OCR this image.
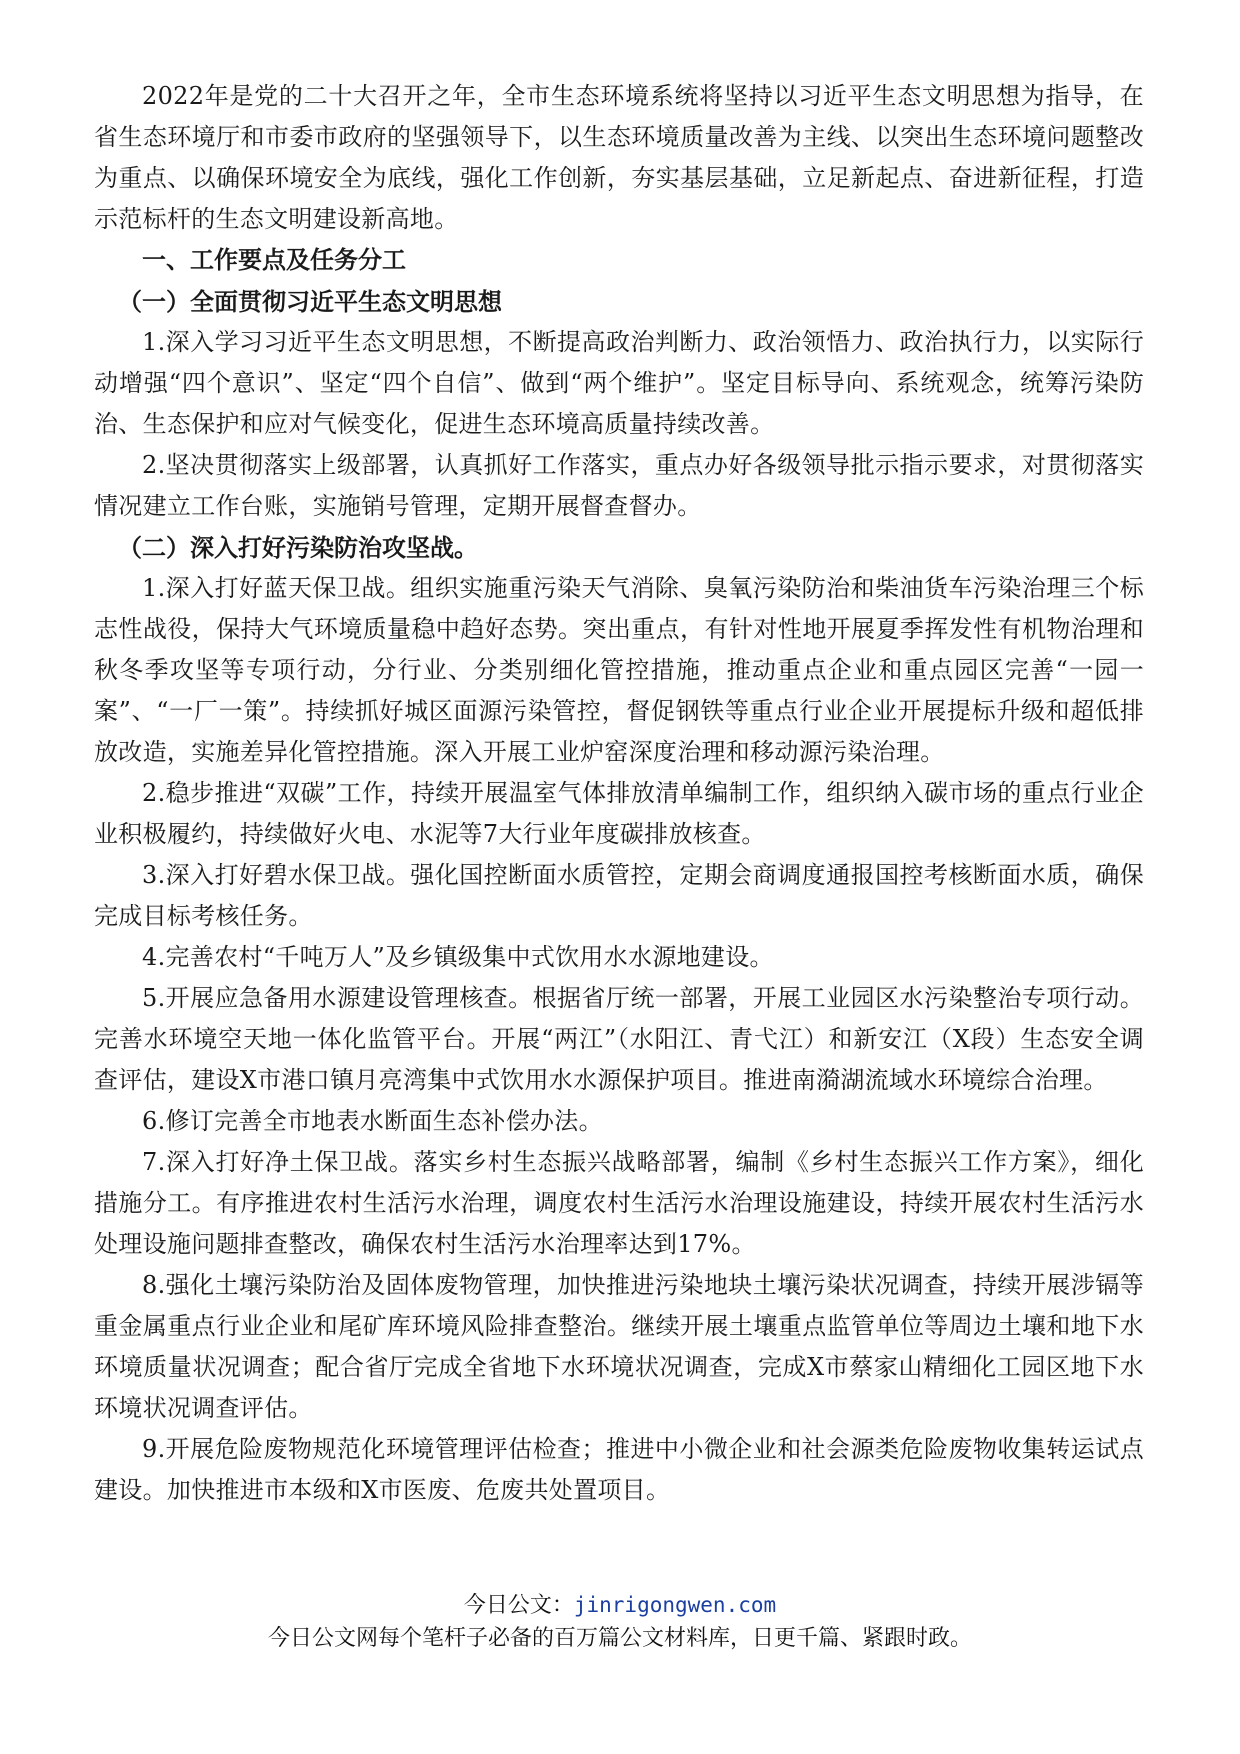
2022年是党的二十大召开之年，全市生态环境系统将坚持以习近平生态文明思想为指导，在省生态环境厅和市委市政府的坚强领导下，以生态环境质量改善为主线、以突出生态环境问题整改为重点、以确保环境安全为底线，强化工作创新，夯实基层基础，立足新起点、奋进新征程，打造示范标杆的生态文明建设新高地。

一、工作要点及任务分工

（一）全面贯彻习近平生态文明思想

1.深入学习习近平生态文明思想，不断提高政治判断力、政治领悟力、政治执行力，以实际行动增强“四个意识”、坚定“四个自信”、做到“两个维护”。坚定目标导向、系统观念，统筹污染防治、生态保护和应对气候变化，促进生态环境高质量持续改善。

2.坚决贯彻落实上级部署，认真抓好工作落实，重点办好各级领导批示指示要求，对贯彻落实情况建立工作台账，实施销号管理，定期开展督查督办。

（二）深入打好污染防治攻坚战。

1.深入打好蓝天保卫战。组织实施重污染天气消除、臭氧污染防治和柴油货车污染治理三个标志性战役，保持大气环境质量稳中趋好态势。突出重点，有针对性地开展夏季挥发性有机物治理和秋冬季攻坚等专项行动，分行业、分类别细化管控措施，推动重点企业和重点园区完善“一园一案”、“一厂一策”。持续抓好城区面源污染管控，督促钢铁等重点行业企业开展提标升级和超低排放改造，实施差异化管控措施。深入开展工业炉窑深度治理和移动源污染治理。

2.稳步推进“双碳”工作，持续开展温室气体排放清单编制工作，组织纳入碳市场的重点行业企业积极履约，持续做好火电、水泥等7大行业年度碳排放核查。

3.深入打好碧水保卫战。强化国控断面水质管控，定期会商调度通报国控考核断面水质，确保完成目标考核任务。

4.完善农村“千吨万人”及乡镇级集中式饮用水水源地建设。

5.开展应急备用水源建设管理核查。根据省厅统一部署，开展工业园区水污染整治专项行动。完善水环境空天地一体化监管平台。开展“两江”（水阳江、青弋江）和新安江（X段）生态安全调查评估，建设X市港口镇月亮湾集中式饮用水水源保护项目。推进南漪湖流域水环境综合治理。

6.修订完善全市地表水断面生态补偿办法。

7.深入打好净土保卫战。落实乡村生态振兴战略部署，编制《乡村生态振兴工作方案》，细化措施分工。有序推进农村生活污水治理，调度农村生活污水治理设施建设，持续开展农村生活污水处理设施问题排查整改，确保农村生活污水治理率达到17%。

8.强化土壤污染防治及固体废物管理，加快推进污染地块土壤污染状况调查，持续开展涉镉等重金属重点行业企业和尾矿库环境风险排查整治。继续开展土壤重点监管单位等周边土壤和地下水环境质量状况调查；配合省厅完成全省地下水环境状况调查，完成X市蔡家山精细化工园区地下水环境状况调查评估。

9.开展危险废物规范化环境管理评估检查；推进中小微企业和社会源类危险废物收集转运试点建设。加快推进市本级和X市医废、危废共处置项目。

今日公文：jinrigongwen.com
今日公文网每个笔杆子必备的百万篇公文材料库，日更千篇、紧跟时政。
